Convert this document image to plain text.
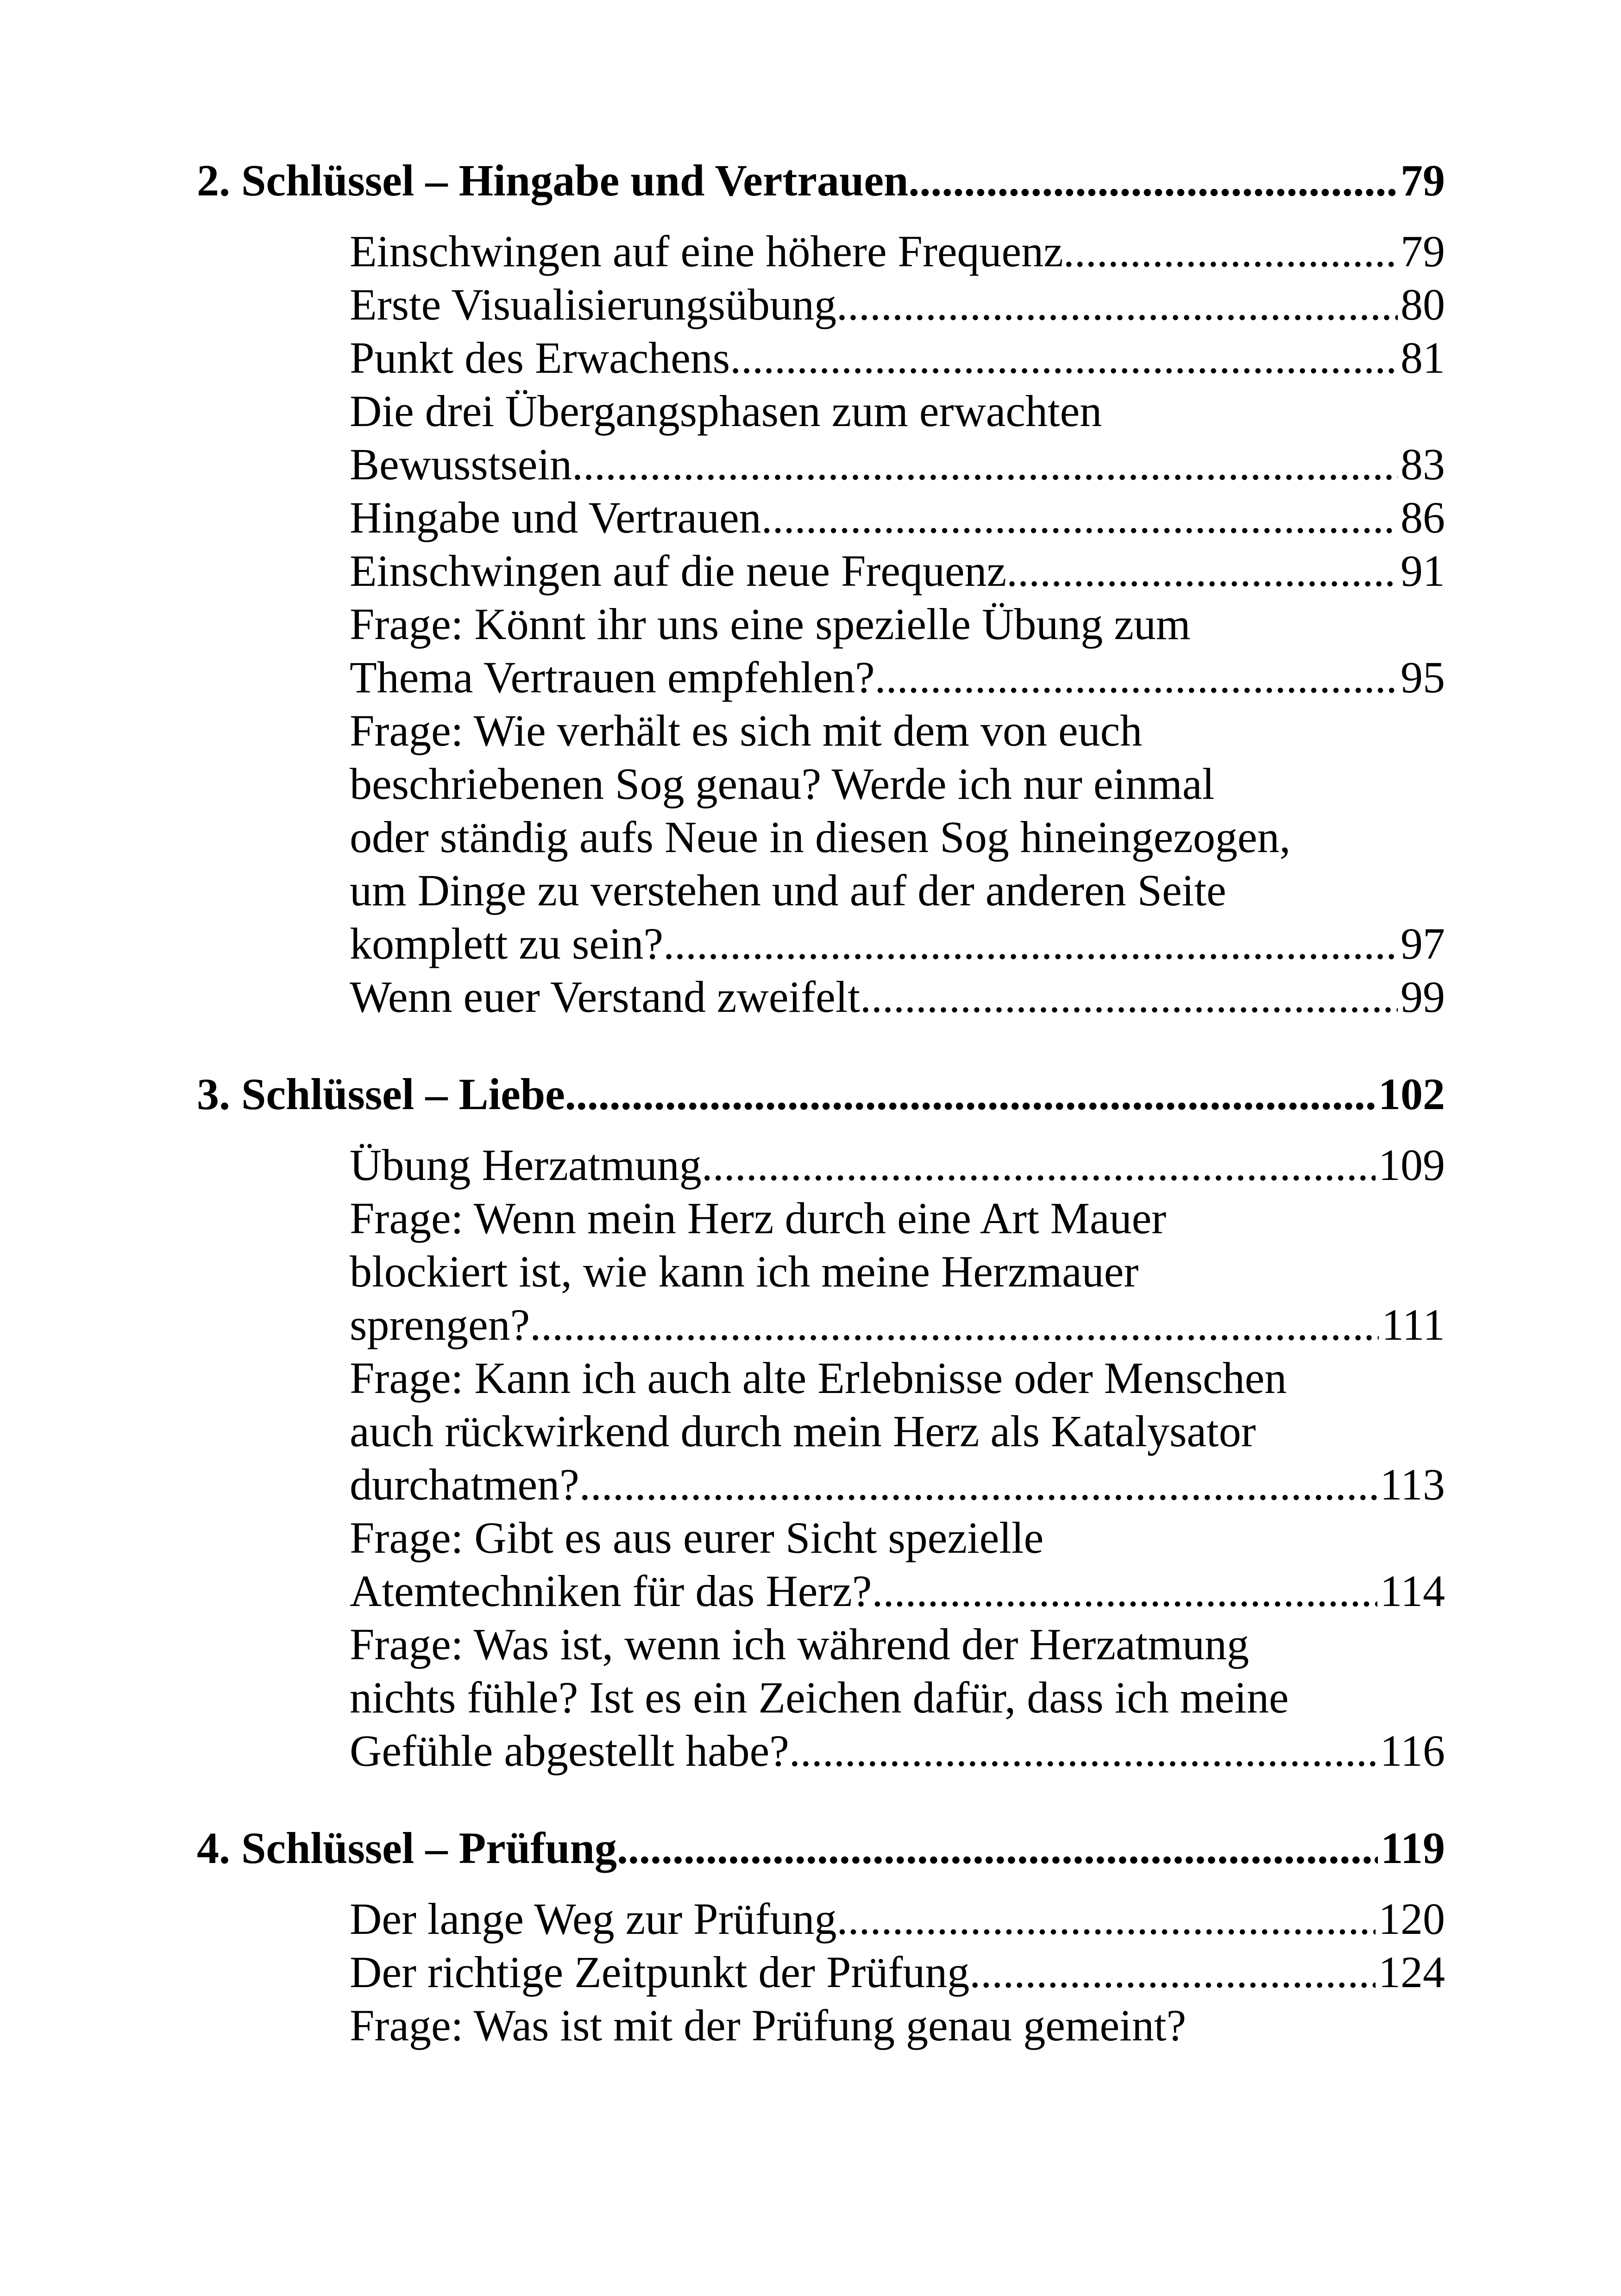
2. Schlüssel – Hingabe und Vertrauen .....	79
Einschwingen auf eine höhere Frequenz .....	79
Erste Visualisierungsübung .....	80
Punkt des Erwachens .....	81
Die drei Übergangsphasen zum erwachten
Bewusstsein .....	83
Hingabe und Vertrauen .....	86
Einschwingen auf die neue Frequenz .....	91
Frage: Könnt ihr uns eine spezielle Übung zum
Thema Vertrauen empfehlen? .....	95
Frage: Wie verhält es sich mit dem von euch
beschriebenen Sog genau? Werde ich nur einmal
oder ständig aufs Neue in diesen Sog hineingezogen,
um Dinge zu verstehen und auf der anderen Seite
komplett zu sein? .....	97
Wenn euer Verstand zweifelt .....	99
3. Schlüssel – Liebe .....	102
Übung Herzatmung .....	109
Frage: Wenn mein Herz durch eine Art Mauer
blockiert ist, wie kann ich meine Herzmauer
sprengen? .....	111
Frage: Kann ich auch alte Erlebnisse oder Menschen
auch rückwirkend durch mein Herz als Katalysator
durchatmen? .....	113
Frage: Gibt es aus eurer Sicht spezielle
Atemtechniken für das Herz? .....	114
Frage: Was ist, wenn ich während der Herzatmung
nichts fühle? Ist es ein Zeichen dafür, dass ich meine
Gefühle abgestellt habe? .....	116
4. Schlüssel – Prüfung .....	119
Der lange Weg zur Prüfung .....	120
Der richtige Zeitpunkt der Prüfung .....	124
Frage: Was ist mit der Prüfung genau gemeint?
